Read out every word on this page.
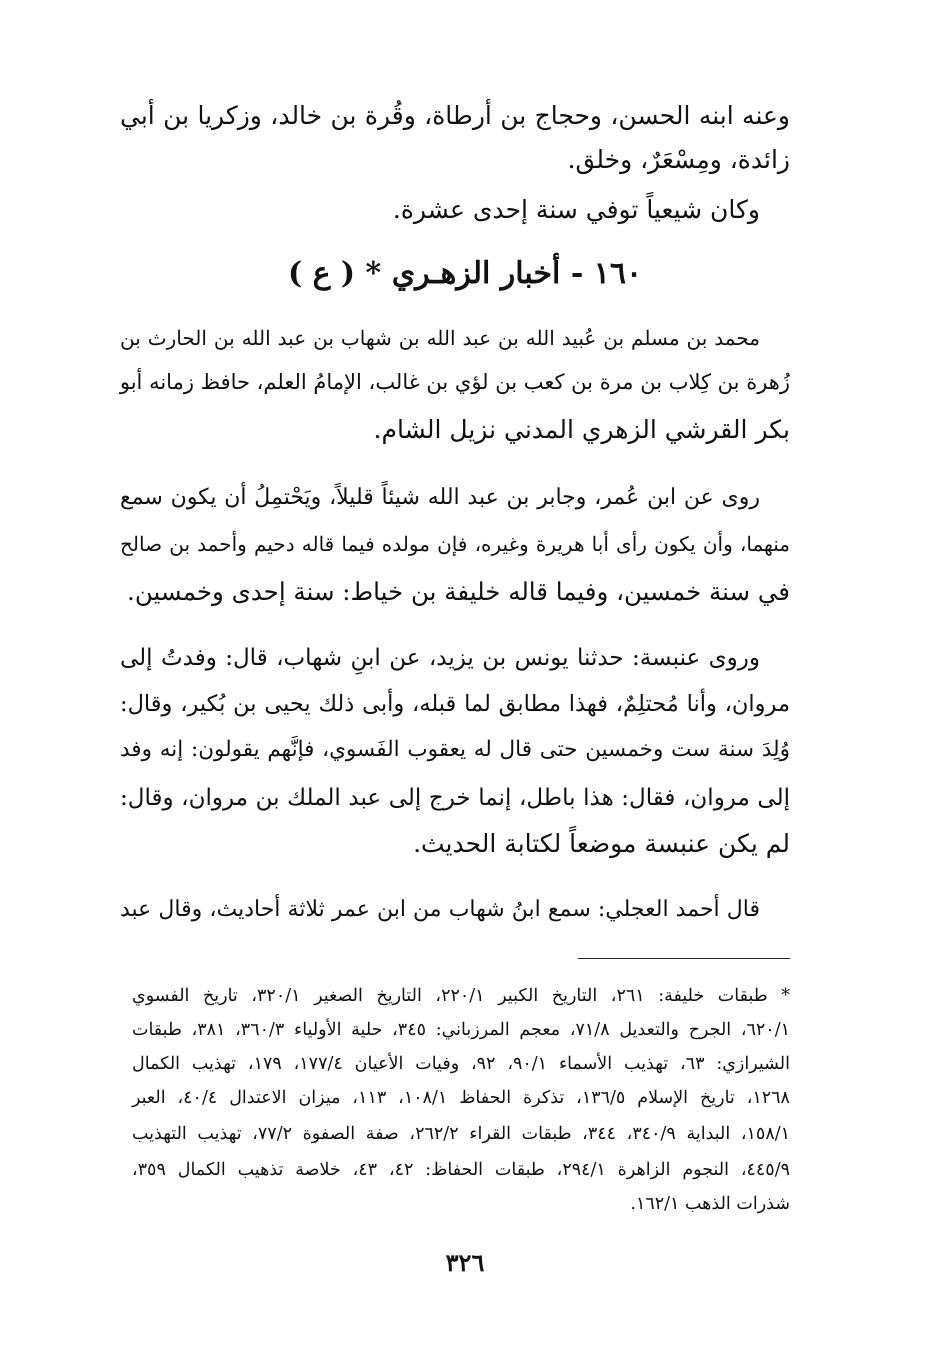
وعنه ابنه الحسن، وحجاج بن أرطاة، وقُرة بن خالد، وزكريا بن أبي
زائدة، ومِسْعَرٌ، وخلق.
وكان شيعياً توفي سنة إحدى عشرة.
١٦٠ - أخبار الزهـري * ( ع )
محمد بن مسلم بن عُبيد الله بن عبد الله بن شهاب بن عبد الله بن الحارث بن
زُهرة بن كِلاب بن مرة بن كعب بن لؤي بن غالب، الإمامُ العلم، حافظ زمانه أبو
بكر القرشي الزهري المدني نزيل الشام.
روى عن ابن عُمر، وجابر بن عبد الله شيئاً قليلاً، ويَحْتمِلُ أن يكون سمع
منهما، وأن يكون رأى أبا هريرة وغيره، فإن مولده فيما قاله دحيم وأحمد بن صالح
في سنة خمسين، وفيما قاله خليفة بن خياط: سنة إحدى وخمسين.
وروى عنبسة: حدثنا يونس بن يزيد، عن ابنِ شهاب، قال: وفدتُ إلى
مروان، وأنا مُحتلِمٌ، فهذا مطابق لما قبله، وأبى ذلك يحيى بن بُكير، وقال:
وُلِدَ سنة ست وخمسين حتى قال له يعقوب الفَسوي، فإنَّهم يقولون: إنه وفد
إلى مروان، فقال: هذا باطل، إنما خرج إلى عبد الملك بن مروان، وقال:
لم يكن عنبسة موضعاً لكتابة الحديث.
قال أحمد العجلي: سمع ابنُ شهاب من ابن عمر ثلاثة أحاديث، وقال عبد
* طبقات خليفة: ٢٦١، التاريخ الكبير ٢٢٠/١، التاريخ الصغير ٣٢٠/١، تاريخ الفسوي
٦٢٠/١، الجرح والتعديل ٧١/٨، معجم المرزباني: ٣٤٥، حلية الأولياء ٣٦٠/٣، ٣٨١، طبقات
الشيرازي: ٦٣، تهذيب الأسماء ٩٠/١، ٩٢، وفيات الأعيان ١٧٧/٤، ١٧٩، تهذيب الكمال
١٢٦٨، تاريخ الإسلام ١٣٦/٥، تذكرة الحفاظ ١٠٨/١، ١١٣، ميزان الاعتدال ٤٠/٤، العبر
١٥٨/١، البداية ٣٤٠/٩، ٣٤٤، طبقات القراء ٢٦٢/٢، صفة الصفوة ٧٧/٢، تهذيب التهذيب
٤٤٥/٩، النجوم الزاهرة ٢٩٤/١، طبقات الحفاظ: ٤٢، ٤٣، خلاصة تذهيب الكمال ٣٥٩،
شذرات الذهب ١٦٢/١.
٣٢٦
